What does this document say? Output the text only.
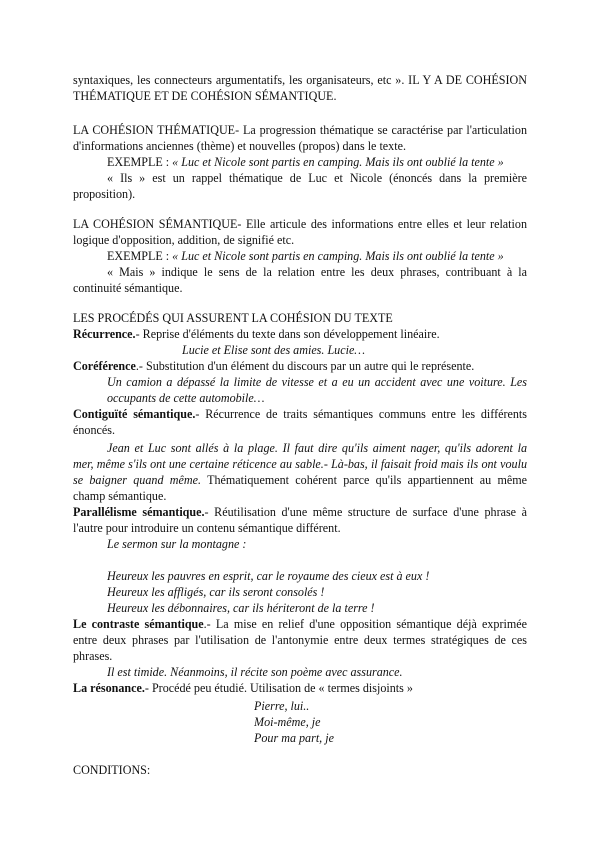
syntaxiques, les connecteurs argumentatifs, les organisateurs, etc ». IL Y A DE COHÉSION
THÉMATIQUE ET DE COHÉSION SÉMANTIQUE.
LA COHÉSION THÉMATIQUE- La progression thématique se caractérise par l'articulation
d'informations anciennes (thème) et nouvelles (propos) dans le texte.
EXEMPLE : « Luc et Nicole sont partis en camping. Mais ils ont oublié la tente »
« Ils » est un rappel thématique de Luc et Nicole (énoncés dans la première
proposition).
LA COHÉSION SÉMANTIQUE- Elle articule des informations entre elles et leur relation
logique d'opposition, addition, de signifié etc.
EXEMPLE : « Luc et Nicole sont partis en camping. Mais ils ont oublié la tente »
« Mais » indique le sens de la relation entre les deux phrases, contribuant à la
continuité sémantique.
LES PROCÉDÉS QUI ASSURENT LA COHÉSION DU TEXTE
Récurrence.- Reprise d'éléments du texte dans son développement linéaire.
Lucie et Elise sont des amies. Lucie…
Coréférence.- Substitution d'un élément du discours par un autre qui le représente.
Un camion a dépassé la limite de vitesse et a eu un accident avec une voiture. Les
occupants de cette automobile…
Contiguïté sémantique.- Récurrence de traits sémantiques communs entre les différents
énoncés.
Jean et Luc sont allés à la plage. Il faut dire qu'ils aiment nager, qu'ils adorent la
mer, même s'ils ont une certaine réticence au sable.- Là-bas, il faisait froid mais ils ont voulu
se baigner quand même. Thématiquement cohérent parce qu'ils appartiennent au même
champ sémantique.
Parallélisme sémantique.- Réutilisation d'une même structure de surface d'une phrase à
l'autre pour introduire un contenu sémantique différent.
Le sermon sur la montagne :
Heureux les pauvres en esprit, car le royaume des cieux est à eux !
Heureux les affligés, car ils seront consolés !
Heureux les débonnaires, car ils hériteront de la terre !
Le contraste sémantique.- La mise en relief d'une opposition sémantique déjà exprimée
entre deux phrases par l'utilisation de l'antonymie entre deux termes stratégiques de ces
phrases.
Il est timide. Néanmoins, il récite son poème avec assurance.
La résonance.- Procédé peu étudié. Utilisation de « termes disjoints »
Pierre, lui..
Moi-même, je
Pour ma part, je
CONDITIONS:
